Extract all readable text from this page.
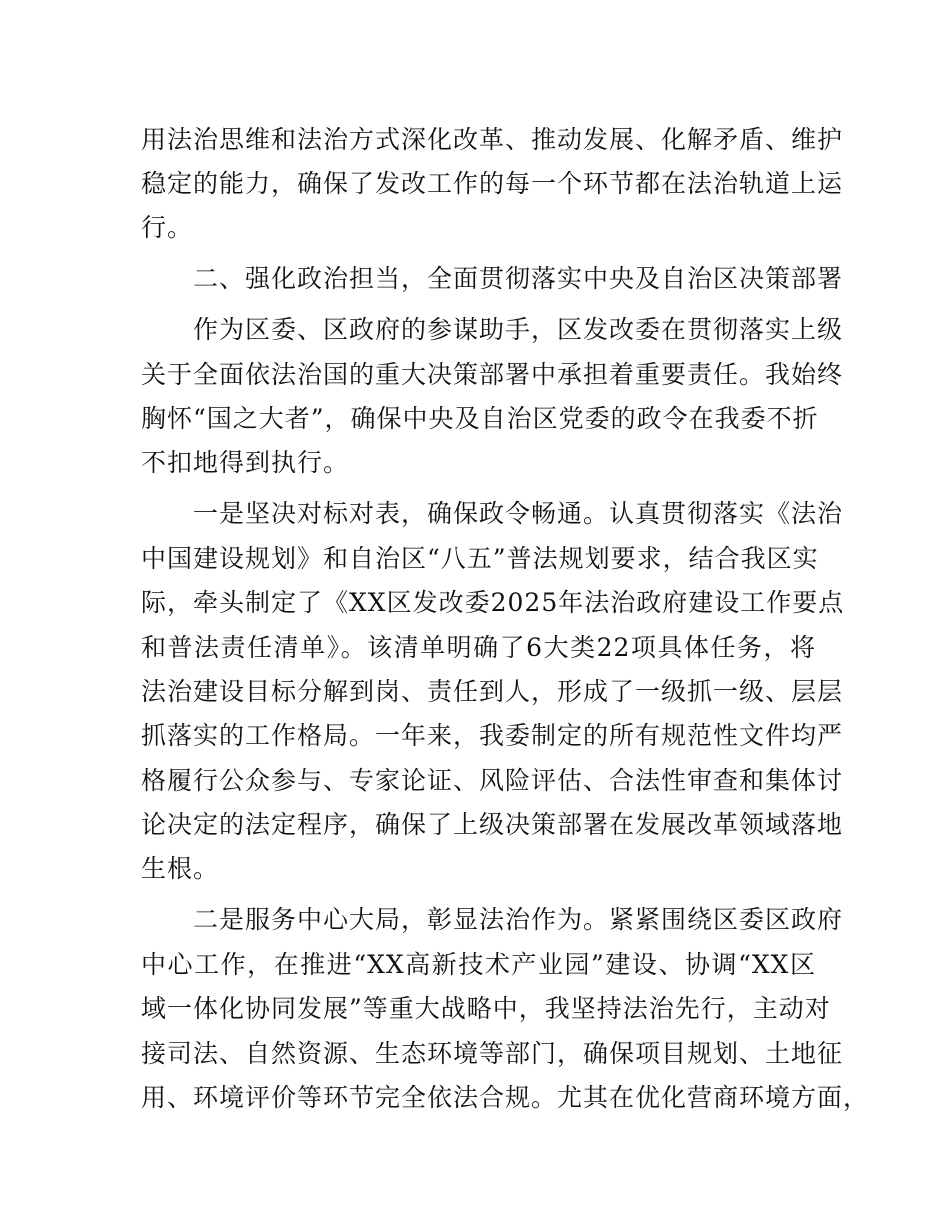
用法治思维和法治方式深化改革、推动发展、化解矛盾、维护
稳定的能力，确保了发改工作的每一个环节都在法治轨道上运
行。
二、强化政治担当，全面贯彻落实中央及自治区决策部署
作为区委、区政府的参谋助手，区发改委在贯彻落实上级
关于全面依法治国的重大决策部署中承担着重要责任。我始终
胸怀“国之大者”，确保中央及自治区党委的政令在我委不折
不扣地得到执行。
一是坚决对标对表，确保政令畅通。认真贯彻落实《法治
中国建设规划》和自治区“八五”普法规划要求，结合我区实
际，牵头制定了《XX区发改委2025年法治政府建设工作要点
和普法责任清单》。该清单明确了6大类22项具体任务，将
法治建设目标分解到岗、责任到人，形成了一级抓一级、层层
抓落实的工作格局。一年来，我委制定的所有规范性文件均严
格履行公众参与、专家论证、风险评估、合法性审查和集体讨
论决定的法定程序，确保了上级决策部署在发展改革领域落地
生根。
二是服务中心大局，彰显法治作为。紧紧围绕区委区政府
中心工作，在推进“XX高新技术产业园”建设、协调“XX区
域一体化协同发展”等重大战略中，我坚持法治先行，主动对
接司法、自然资源、生态环境等部门，确保项目规划、土地征
用、环境评价等环节完全依法合规。尤其在优化营商环境方面，
